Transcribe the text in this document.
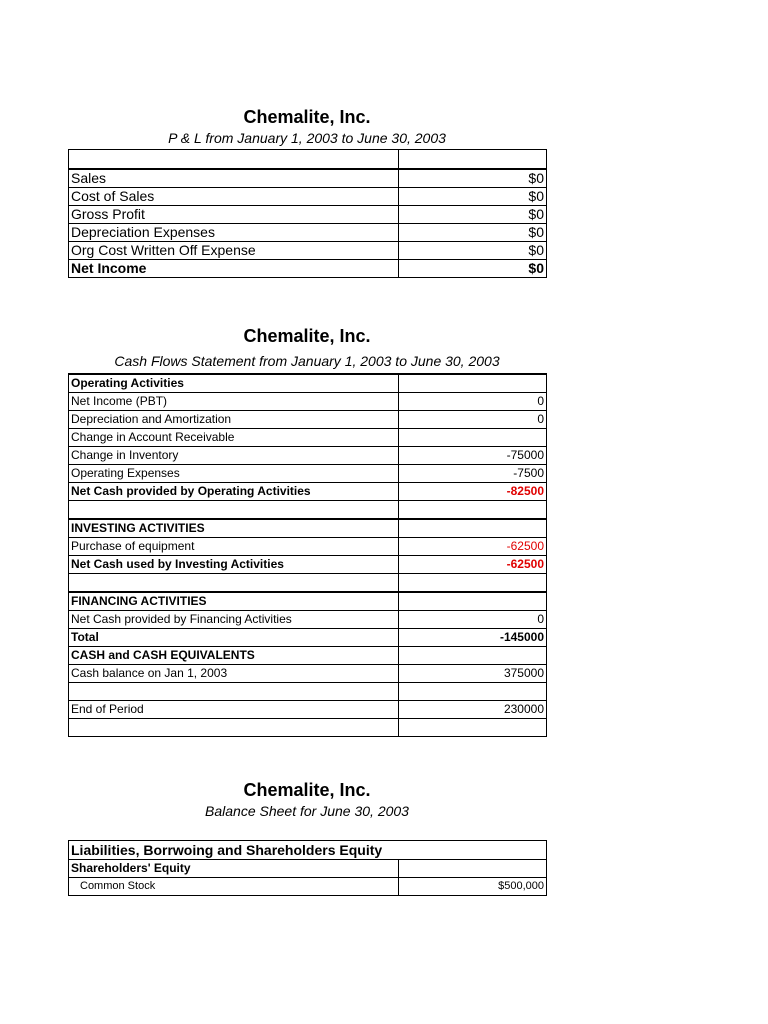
Chemalite, Inc.
P & L from January 1, 2003 to June 30, 2003

Sales	$0
Cost of Sales	$0
Gross Profit	$0
Depreciation Expenses	$0
Org Cost Written Off Expense	$0
Net Income	$0
Chemalite, Inc.
Cash Flows Statement from January 1, 2003 to June 30, 2003
Operating Activities	
Net Income (PBT)	0
Depreciation and Amortization	0
Change in Account Receivable	
Change in Inventory	-75000
Operating Expenses	-7500
Net Cash provided by Operating Activities	-82500

INVESTING ACTIVITIES	
Purchase of equipment	-62500
Net Cash used by Investing Activities	-62500

FINANCING ACTIVITIES	
Net Cash provided by Financing Activities	0
Total	-145000
CASH and CASH EQUIVALENTS	
Cash balance on Jan 1, 2003	375000

End of Period	230000

Chemalite, Inc.
Balance Sheet for June 30, 2003
Liabilities, Borrwoing and Shareholders Equity	
Shareholders' Equity	
Common Stock	$500,000
